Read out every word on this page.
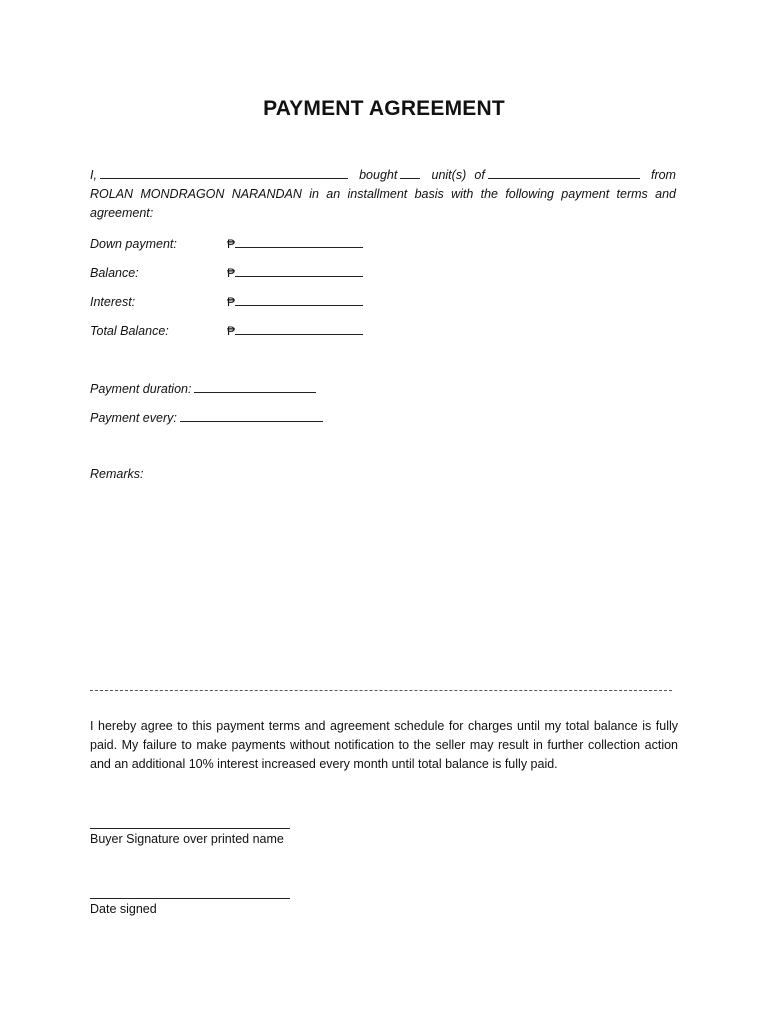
PAYMENT AGREEMENT
I,	bought	unit(s) of	from ROLAN MONDRAGON NARANDAN in an installment basis with the following payment terms and agreement:
Down payment:	₱
Balance:	₱
Interest:	₱
Total Balance:	₱
Payment duration:
Payment every:
Remarks:
I hereby agree to this payment terms and agreement schedule for charges until my total balance is fully paid. My failure to make payments without notification to the seller may result in further collection action and an additional 10% interest increased every month until total balance is fully paid.
Buyer Signature over printed name
Date signed
